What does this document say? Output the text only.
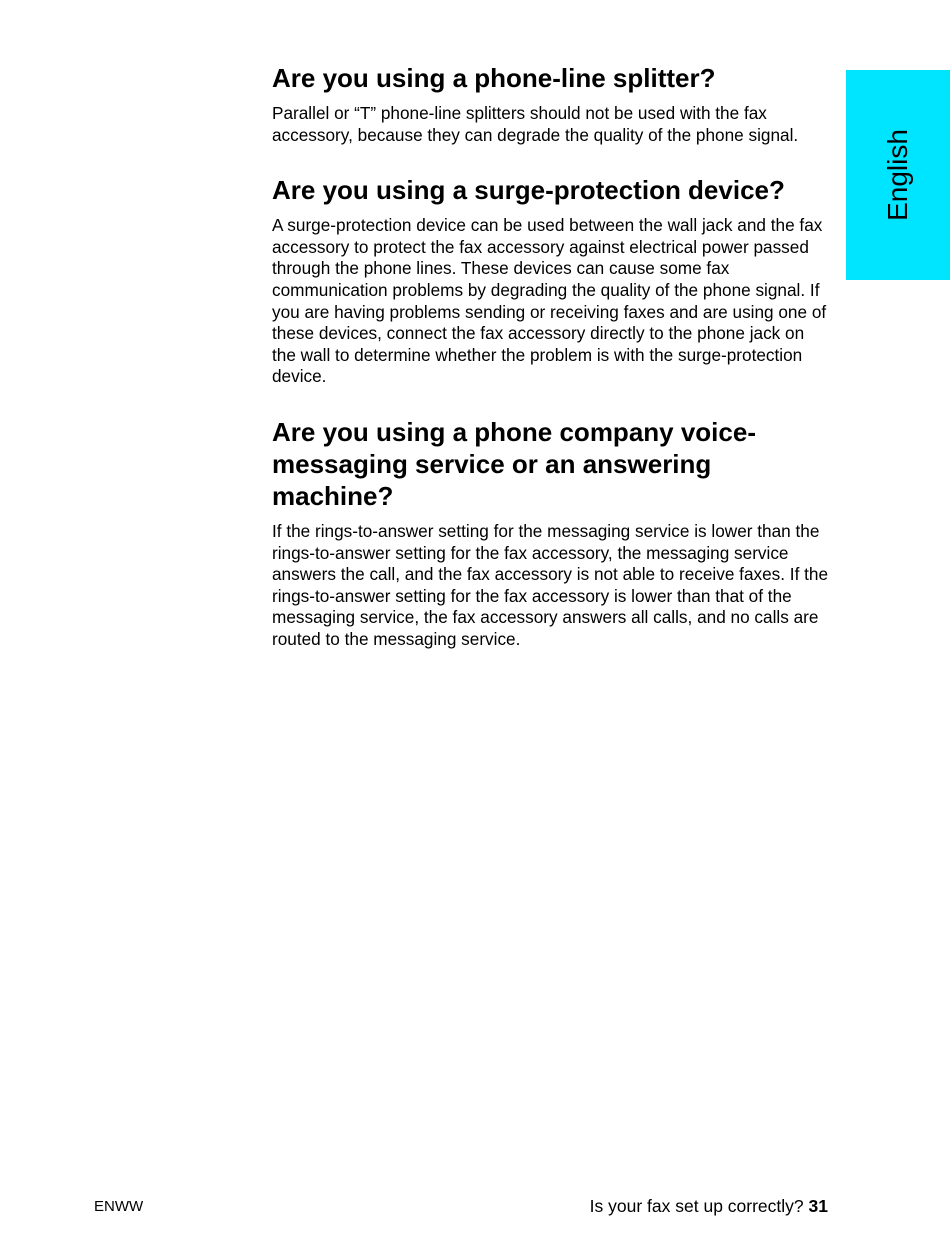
English
Are you using a phone-line splitter?

Parallel or “T” phone-line splitters should not be used with the fax accessory, because they can degrade the quality of the phone signal.

Are you using a surge-protection device?

A surge-protection device can be used between the wall jack and the fax accessory to protect the fax accessory against electrical power passed through the phone lines. These devices can cause some fax communication problems by degrading the quality of the phone signal. If you are having problems sending or receiving faxes and are using one of these devices, connect the fax accessory directly to the phone jack on the wall to determine whether the problem is with the surge-protection device.

Are you using a phone company voice-messaging service or an answering machine?

If the rings-to-answer setting for the messaging service is lower than the rings-to-answer setting for the fax accessory, the messaging service answers the call, and the fax accessory is not able to receive faxes. If the rings-to-answer setting for the fax accessory is lower than that of the messaging service, the fax accessory answers all calls, and no calls are routed to the messaging service.

ENWW	Is your fax set up correctly? 31
